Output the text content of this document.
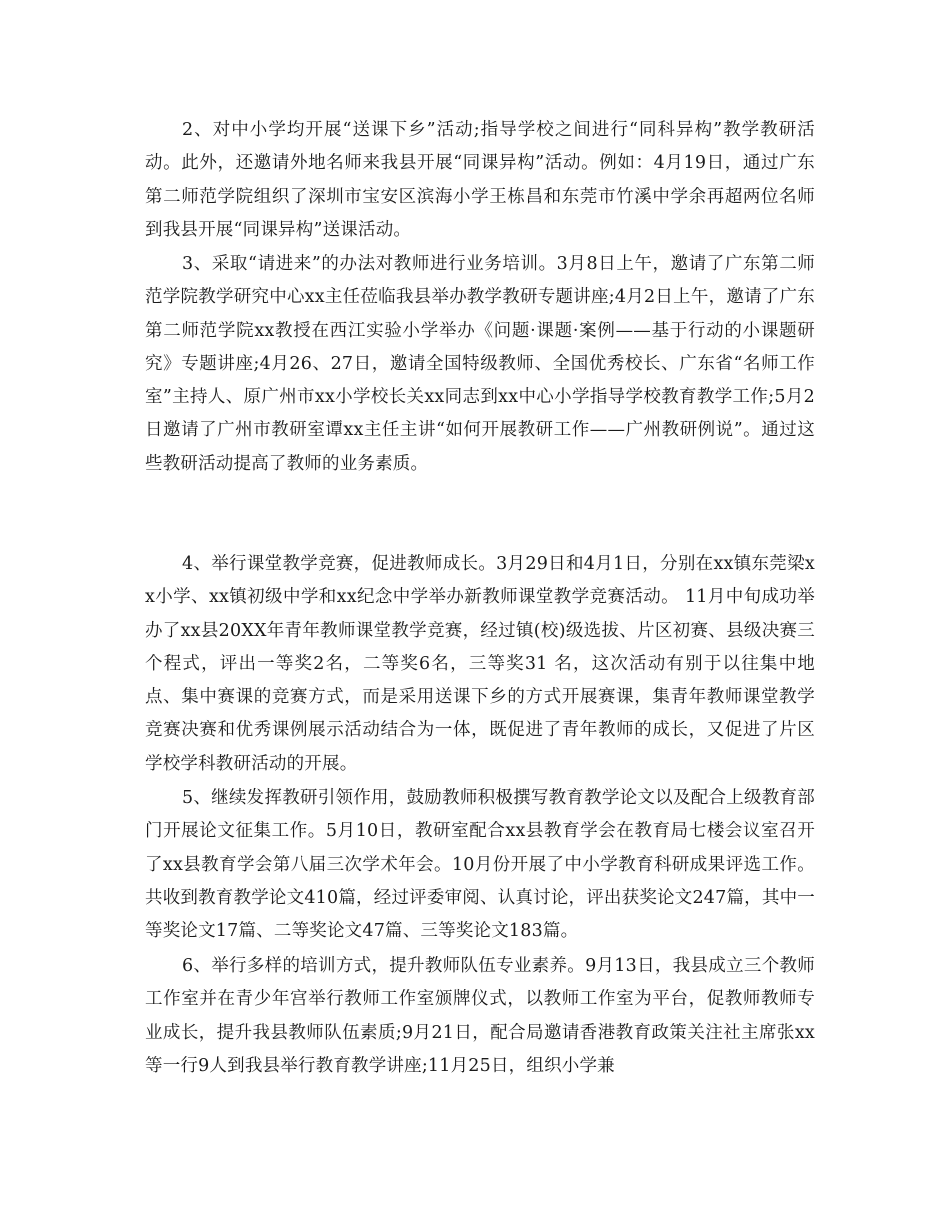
2、对中小学均开展“送课下乡”活动;指导学校之间进行“同科异构”教学教研活动。此外，还邀请外地名师来我县开展“同课异构”活动。例如：4月19日，通过广东第二师范学院组织了深圳市宝安区滨海小学王栋昌和东莞市竹溪中学余再超两位名师到我县开展“同课异构”送课活动。

3、采取“请进来”的办法对教师进行业务培训。3月8日上午，邀请了广东第二师范学院教学研究中心xx主任莅临我县举办教学教研专题讲座;4月2日上午，邀请了广东第二师范学院xx教授在西江实验小学举办《问题·课题·案例——基于行动的小课题研究》专题讲座;4月26、27日，邀请全国特级教师、全国优秀校长、广东省“名师工作室”主持人、原广州市xx小学校长关xx同志到xx中心小学指导学校教育教学工作;5月2日邀请了广州市教研室谭xx主任主讲“如何开展教研工作——广州教研例说”。通过这些教研活动提高了教师的业务素质。

4、举行课堂教学竞赛，促进教师成长。3月29日和4月1日，分别在xx镇东莞梁xx小学、xx镇初级中学和xx纪念中学举办新教师课堂教学竞赛活动。 11月中旬成功举办了xx县20XX年青年教师课堂教学竞赛，经过镇(校)级选拔、片区初赛、县级决赛三个程式，评出一等奖2名，二等奖6名，三等奖31 名，这次活动有别于以往集中地点、集中赛课的竞赛方式，而是采用送课下乡的方式开展赛课，集青年教师课堂教学竞赛决赛和优秀课例展示活动结合为一体，既促进了青年教师的成长，又促进了片区学校学科教研活动的开展。

5、继续发挥教研引领作用，鼓励教师积极撰写教育教学论文以及配合上级教育部门开展论文征集工作。5月10日，教研室配合xx县教育学会在教育局七楼会议室召开了xx县教育学会第八届三次学术年会。10月份开展了中小学教育科研成果评选工作。共收到教育教学论文410篇，经过评委审阅、认真讨论，评出获奖论文247篇，其中一等奖论文17篇、二等奖论文47篇、三等奖论文183篇。

6、举行多样的培训方式，提升教师队伍专业素养。9月13日，我县成立三个教师工作室并在青少年宫举行教师工作室颁牌仪式，以教师工作室为平台，促教师教师专业成长，提升我县教师队伍素质;9月21日，配合局邀请香港教育政策关注社主席张xx等一行9人到我县举行教育教学讲座;11月25日，组织小学兼
